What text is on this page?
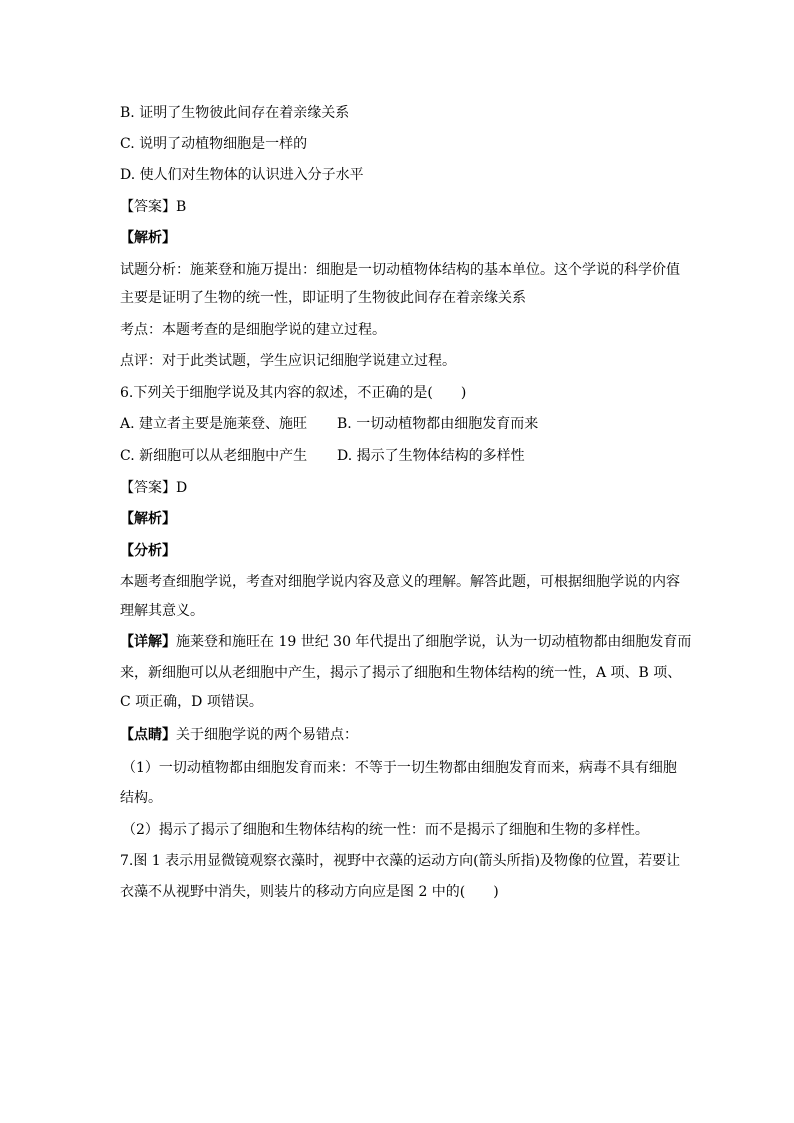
B. 证明了生物彼此间存在着亲缘关系
C. 说明了动植物细胞是一样的
D. 使人们对生物体的认识进入分子水平
【答案】B
【解析】
试题分析：施莱登和施万提出：细胞是一切动植物体结构的基本单位。这个学说的科学价值
主要是证明了生物的统一性，即证明了生物彼此间存在着亲缘关系
考点：本题考查的是细胞学说的建立过程。
点评：对于此类试题，学生应识记细胞学说建立过程。
6.下列关于细胞学说及其内容的叙述，不正确的是(　　)
A. 建立者主要是施莱登、施旺 B. 一切动植物都由细胞发育而来
C. 新细胞可以从老细胞中产生 D. 揭示了生物体结构的多样性
【答案】D
【解析】
【分析】
本题考查细胞学说，考查对细胞学说内容及意义的理解。解答此题，可根据细胞学说的内容
理解其意义。
【详解】施莱登和施旺在 19 世纪 30 年代提出了细胞学说，认为一切动植物都由细胞发育而
来，新细胞可以从老细胞中产生，揭示了揭示了细胞和生物体结构的统一性，A 项、B 项、
C 项正确，D 项错误。
【点睛】关于细胞学说的两个易错点：
（1）一切动植物都由细胞发育而来：不等于一切生物都由细胞发育而来，病毒不具有细胞
结构。
（2）揭示了揭示了细胞和生物体结构的统一性：而不是揭示了细胞和生物的多样性。
7.图 1 表示用显微镜观察衣藻时，视野中衣藻的运动方向(箭头所指)及物像的位置，若要让
衣藻不从视野中消失，则装片的移动方向应是图 2 中的(　　)
